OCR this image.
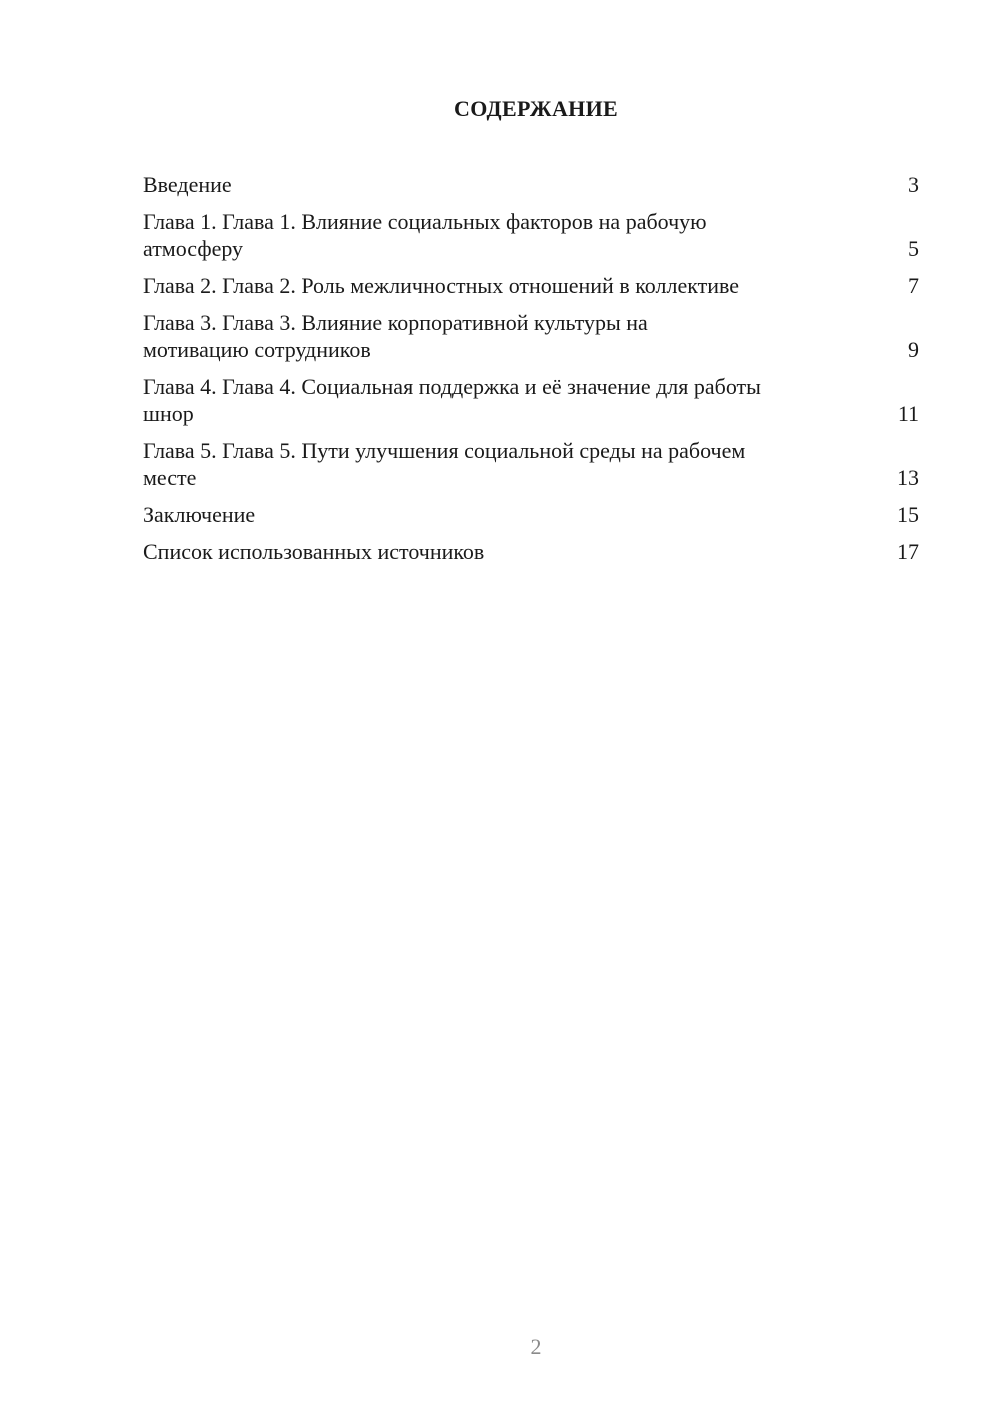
СОДЕРЖАНИЕ
Введение	3
Глава 1. Глава 1. Влияние социальных факторов на рабочую атмосферу	5
Глава 2. Глава 2. Роль межличностных отношений в коллективе	7
Глава 3. Глава 3. Влияние корпоративной культуры на мотивацию сотрудников	9
Глава 4. Глава 4. Социальная поддержка и её значение для работы шнор	11
Глава 5. Глава 5. Пути улучшения социальной среды на рабочем месте	13
Заключение	15
Список использованных источников	17
2
